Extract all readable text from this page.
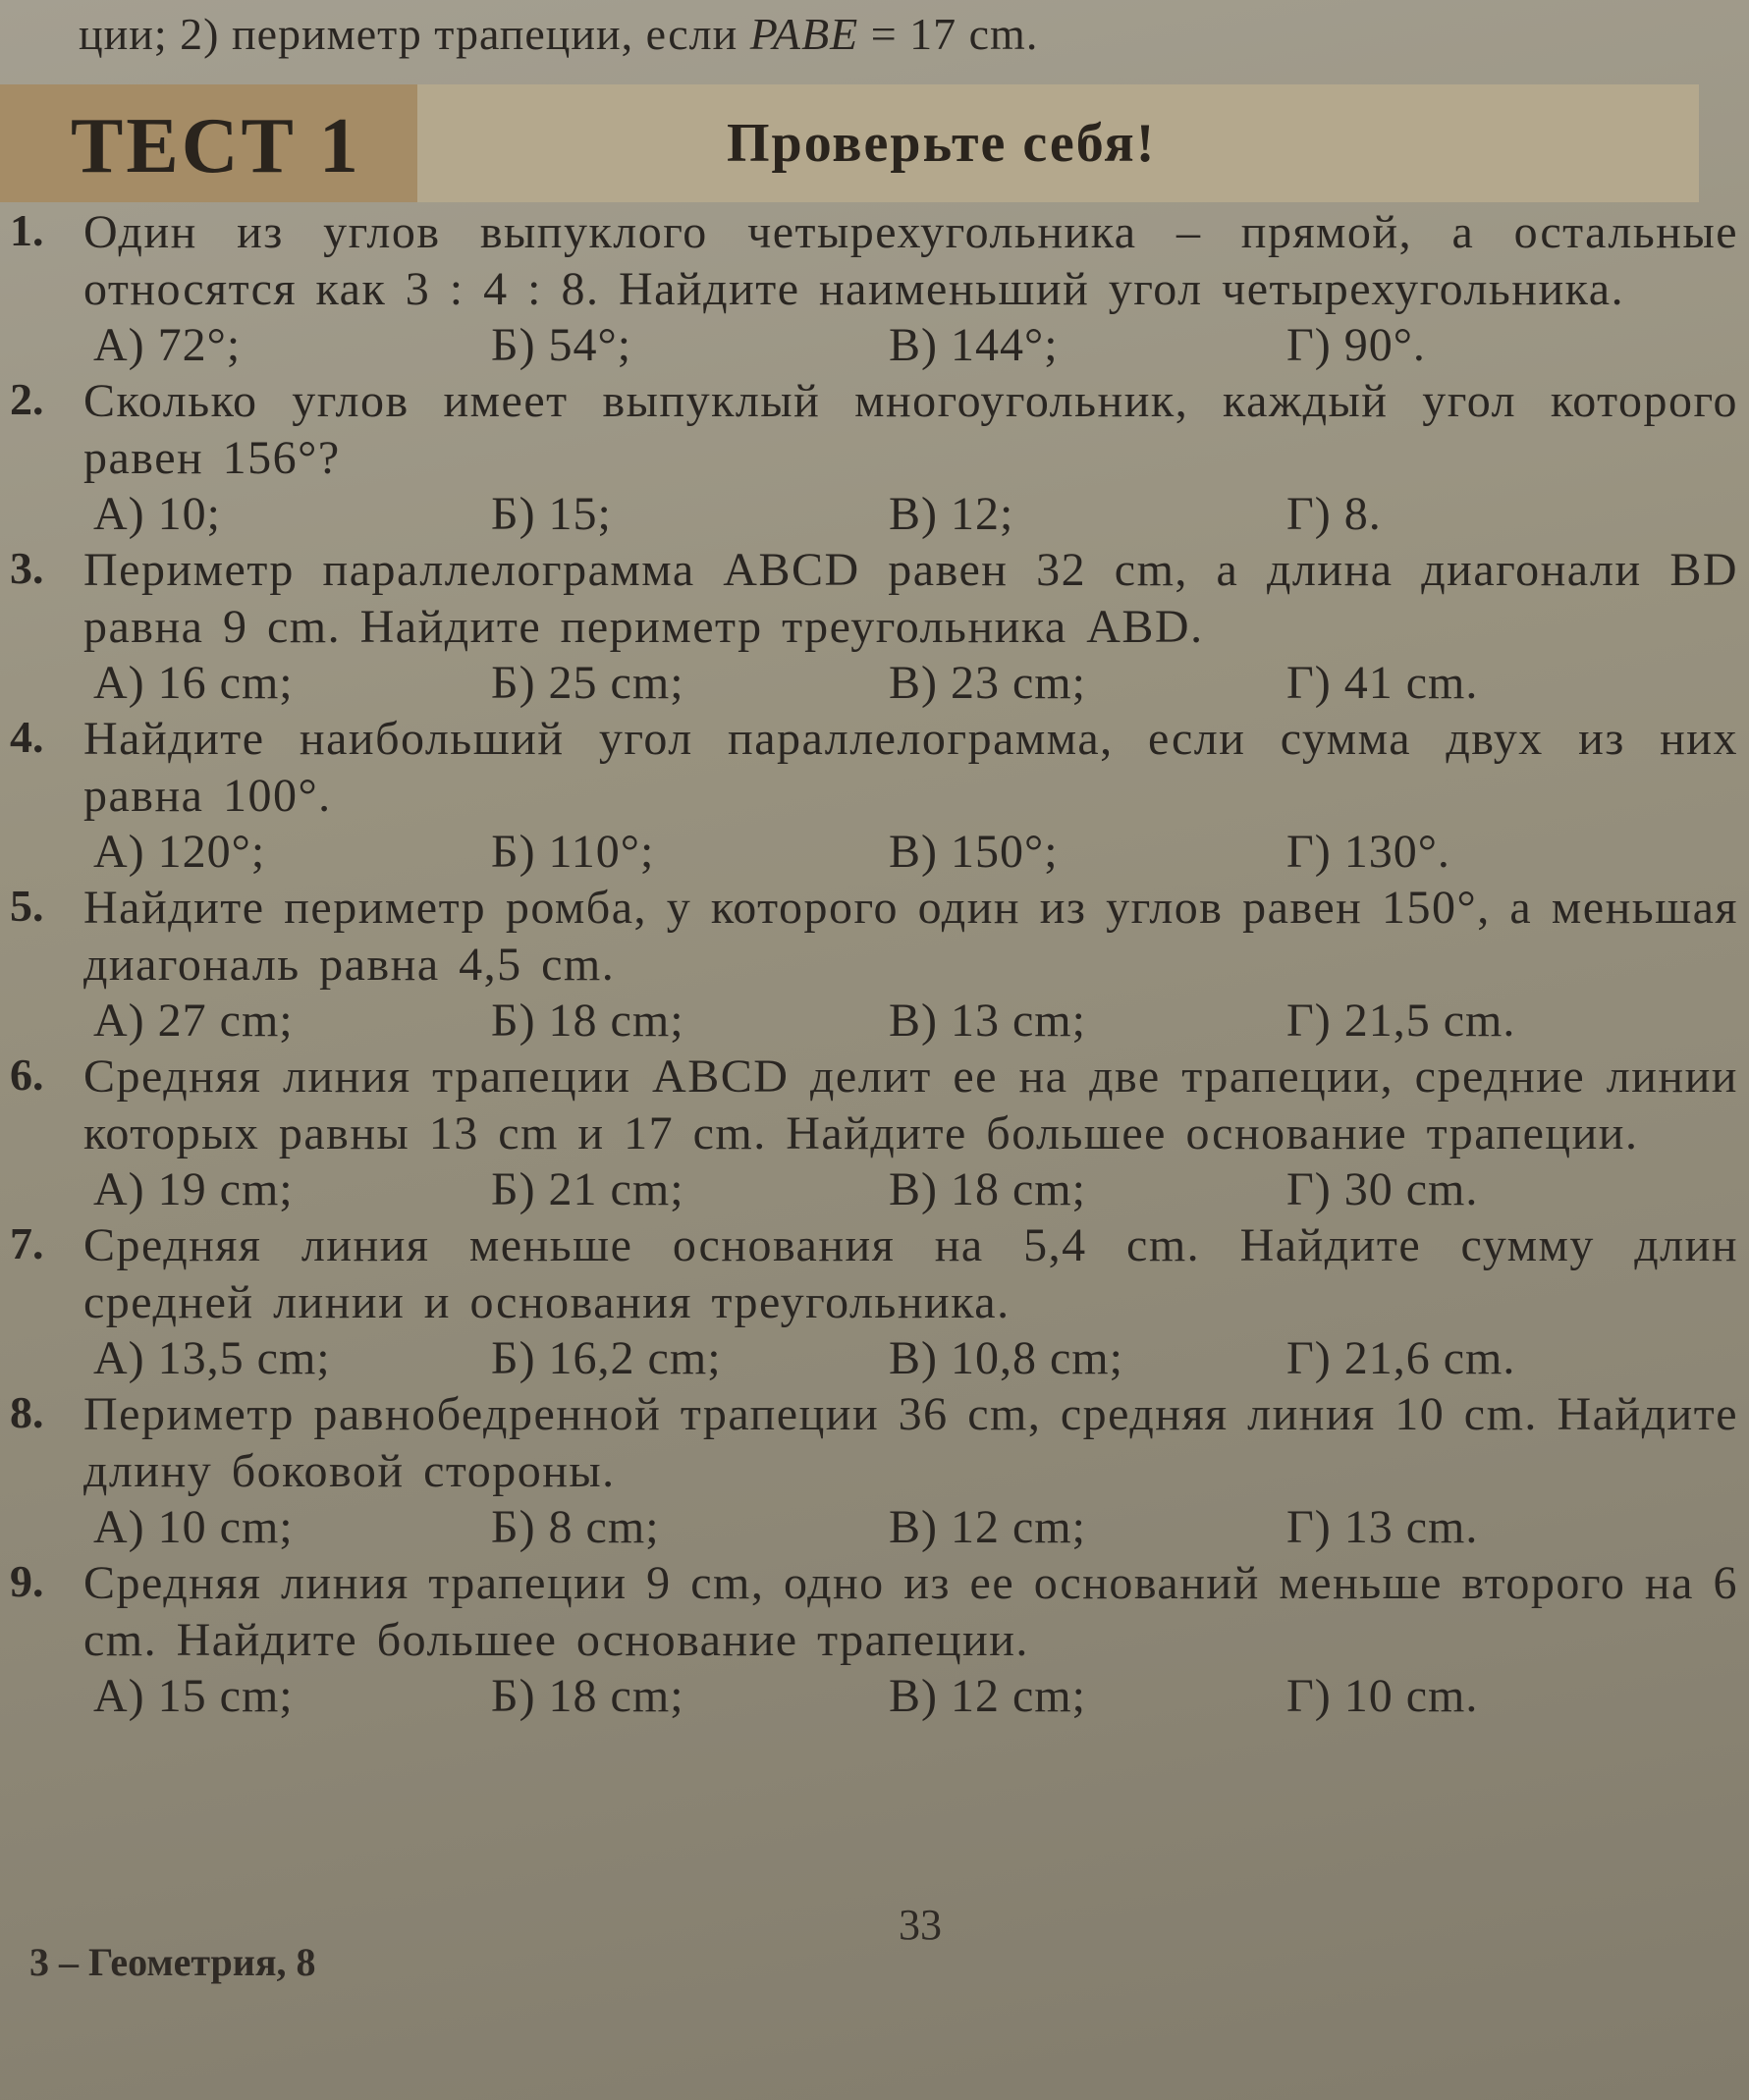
ции; 2) периметр трапеции, если PABE = 17 cm.
ТЕСТ 1	Проверьте себя!
1. Один из углов выпуклого четырехугольника – прямой, а остальные относятся как 3 : 4 : 8. Найдите наименьший угол четырехугольника.
А) 72°;	Б) 54°;	В) 144°;	Г) 90°.
2. Сколько углов имеет выпуклый многоугольник, каждый угол которого равен 156°?
А) 10;	Б) 15;	В) 12;	Г) 8.
3. Периметр параллелограмма ABCD равен 32 cm, а длина диагонали BD равна 9 cm. Найдите периметр треугольника ABD.
А) 16 cm;	Б) 25 cm;	В) 23 cm;	Г) 41 cm.
4. Найдите наибольший угол параллелограмма, если сумма двух из них равна 100°.
А) 120°;	Б) 110°;	В) 150°;	Г) 130°.
5. Найдите периметр ромба, у которого один из углов равен 150°, а меньшая диагональ равна 4,5 cm.
А) 27 cm;	Б) 18 cm;	В) 13 cm;	Г) 21,5 cm.
6. Средняя линия трапеции ABCD делит ее на две трапеции, средние линии которых равны 13 cm и 17 cm. Найдите большее основание трапеции.
А) 19 cm;	Б) 21 cm;	В) 18 cm;	Г) 30 cm.
7. Средняя линия меньше основания на 5,4 cm. Найдите сумму длин средней линии и основания треугольника.
А) 13,5 cm;	Б) 16,2 cm;	В) 10,8 cm;	Г) 21,6 cm.
8. Периметр равнобедренной трапеции 36 cm, средняя линия 10 cm. Найдите длину боковой стороны.
А) 10 cm;	Б) 8 cm;	В) 12 cm;	Г) 13 cm.
9. Средняя линия трапеции 9 cm, одно из ее оснований меньше второго на 6 cm. Найдите большее основание трапеции.
А) 15 cm;	Б) 18 cm;	В) 12 cm;	Г) 10 cm.
33
3 – Геометрия, 8
